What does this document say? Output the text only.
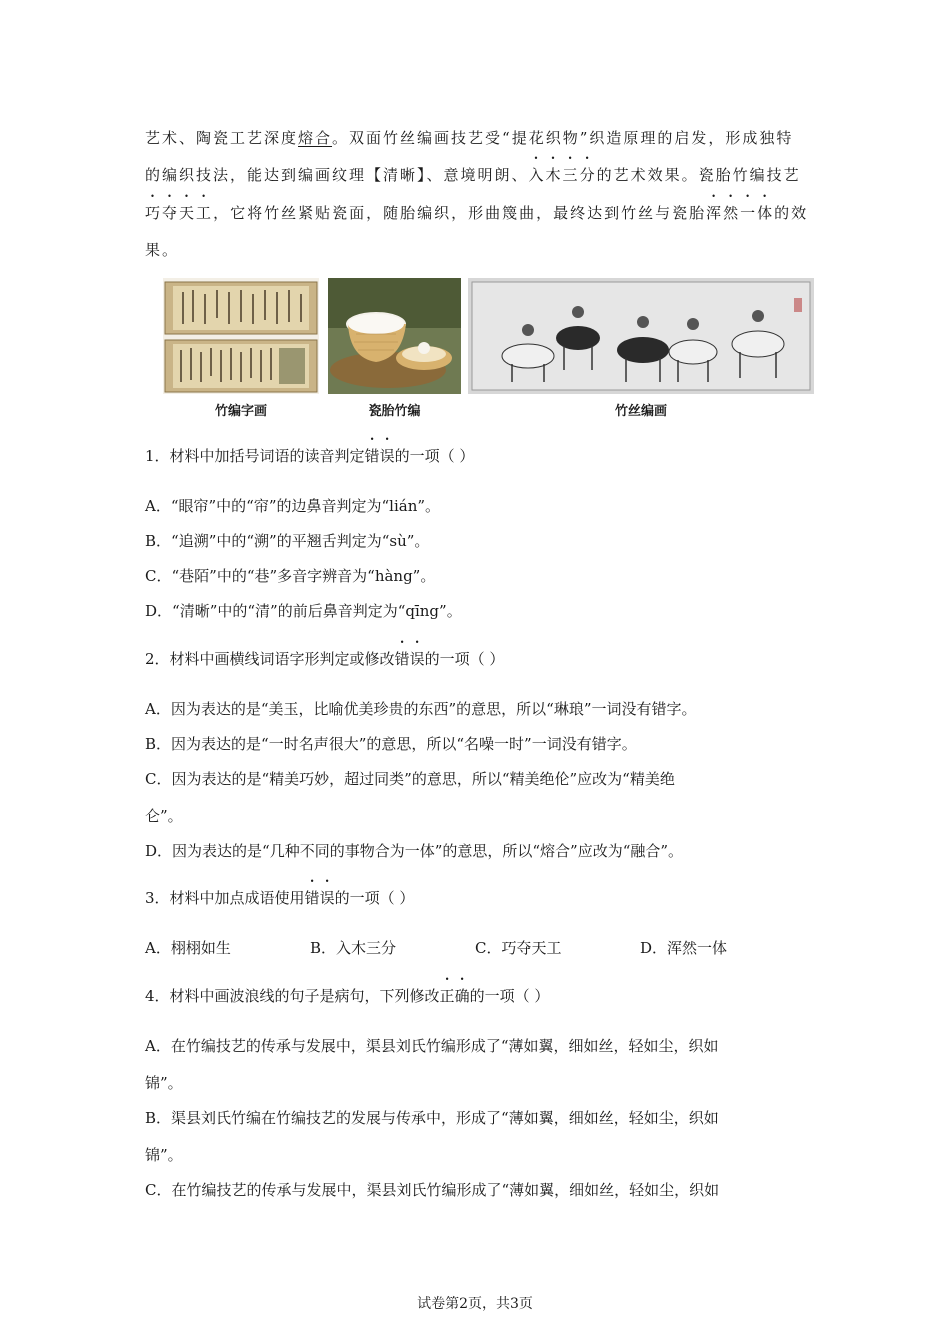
艺术、陶瓷工艺深度熔合。双面竹丝编画技艺受“提花织物”织造原理的启发，形成独特
的编织技法，能达到编画纹理【清晰】、意境明朗、入木三分的艺术效果。瓷胎竹编技艺
巧夺天工，它将竹丝紧贴瓷面，随胎编织，形曲篾曲，最终达到竹丝与瓷胎浑然一体的效
果。
竹编字画	瓷胎竹编	竹丝编画
1．材料中加括号词语的读音判定错误的一项（ ）
A．“眼帘”中的“帘”的边鼻音判定为“lián”。
B．“追溯”中的“溯”的平翘舌判定为“sù”。
C．“巷陌”中的“巷”多音字辨音为“hàng”。
D．“清晰”中的“清”的前后鼻音判定为“qīng”。
2．材料中画横线词语字形判定或修改错误的一项（ ）
A．因为表达的是“美玉，比喻优美珍贵的东西”的意思，所以“琳琅”一词没有错字。
B．因为表达的是“一时名声很大”的意思，所以“名噪一时”一词没有错字。
C．因为表达的是“精美巧妙，超过同类”的意思，所以“精美绝伦”应改为“精美绝
仑”。
D．因为表达的是“几种不同的事物合为一体”的意思，所以“熔合”应改为“融合”。
3．材料中加点成语使用错误的一项（ ）
A．栩栩如生	B．入木三分	C．巧夺天工	D．浑然一体
4．材料中画波浪线的句子是病句，下列修改正确的一项（ ）
A．在竹编技艺的传承与发展中，渠县刘氏竹编形成了“薄如翼，细如丝，轻如尘，织如
锦”。
B．渠县刘氏竹编在竹编技艺的发展与传承中，形成了“薄如翼，细如丝，轻如尘，织如
锦”。
C．在竹编技艺的传承与发展中，渠县刘氏竹编形成了“薄如翼，细如丝，轻如尘，织如
试卷第2页，共3页
